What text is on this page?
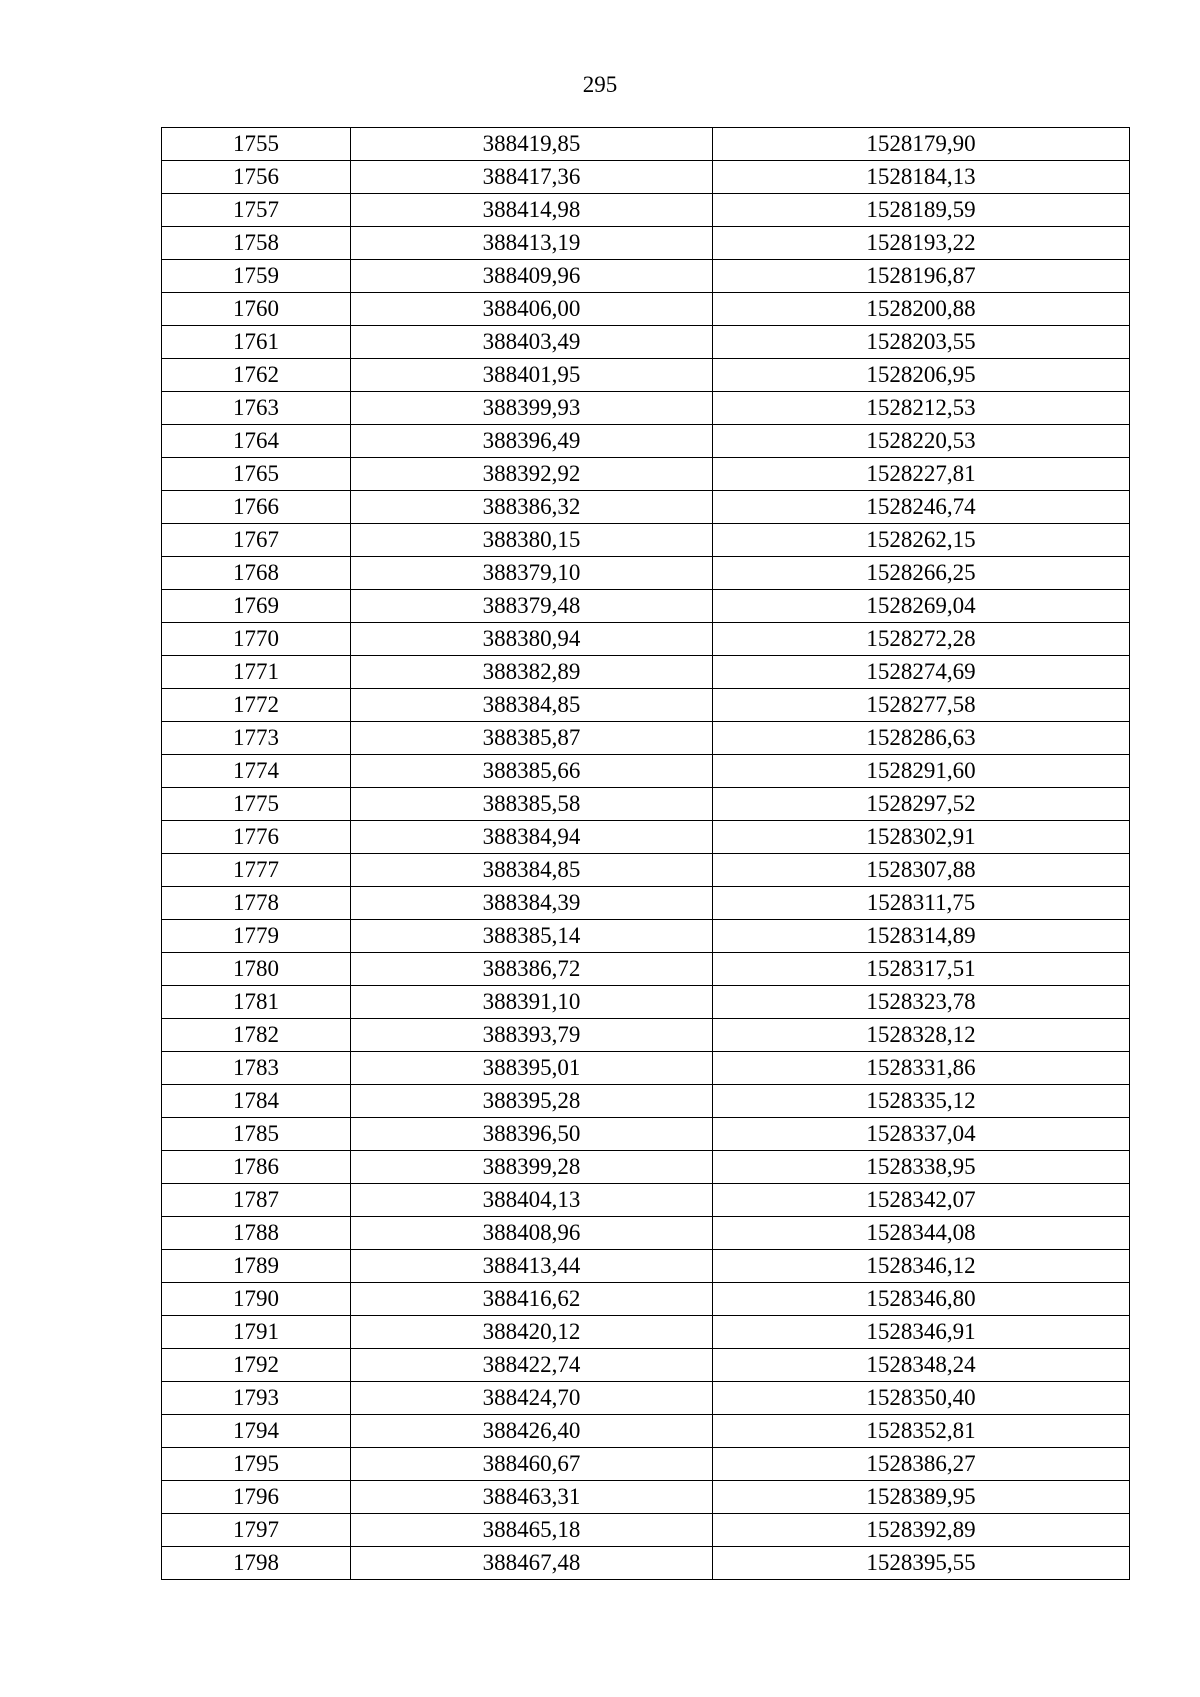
295
1755	388419,85	1528179,90
1756	388417,36	1528184,13
1757	388414,98	1528189,59
1758	388413,19	1528193,22
1759	388409,96	1528196,87
1760	388406,00	1528200,88
1761	388403,49	1528203,55
1762	388401,95	1528206,95
1763	388399,93	1528212,53
1764	388396,49	1528220,53
1765	388392,92	1528227,81
1766	388386,32	1528246,74
1767	388380,15	1528262,15
1768	388379,10	1528266,25
1769	388379,48	1528269,04
1770	388380,94	1528272,28
1771	388382,89	1528274,69
1772	388384,85	1528277,58
1773	388385,87	1528286,63
1774	388385,66	1528291,60
1775	388385,58	1528297,52
1776	388384,94	1528302,91
1777	388384,85	1528307,88
1778	388384,39	1528311,75
1779	388385,14	1528314,89
1780	388386,72	1528317,51
1781	388391,10	1528323,78
1782	388393,79	1528328,12
1783	388395,01	1528331,86
1784	388395,28	1528335,12
1785	388396,50	1528337,04
1786	388399,28	1528338,95
1787	388404,13	1528342,07
1788	388408,96	1528344,08
1789	388413,44	1528346,12
1790	388416,62	1528346,80
1791	388420,12	1528346,91
1792	388422,74	1528348,24
1793	388424,70	1528350,40
1794	388426,40	1528352,81
1795	388460,67	1528386,27
1796	388463,31	1528389,95
1797	388465,18	1528392,89
1798	388467,48	1528395,55
